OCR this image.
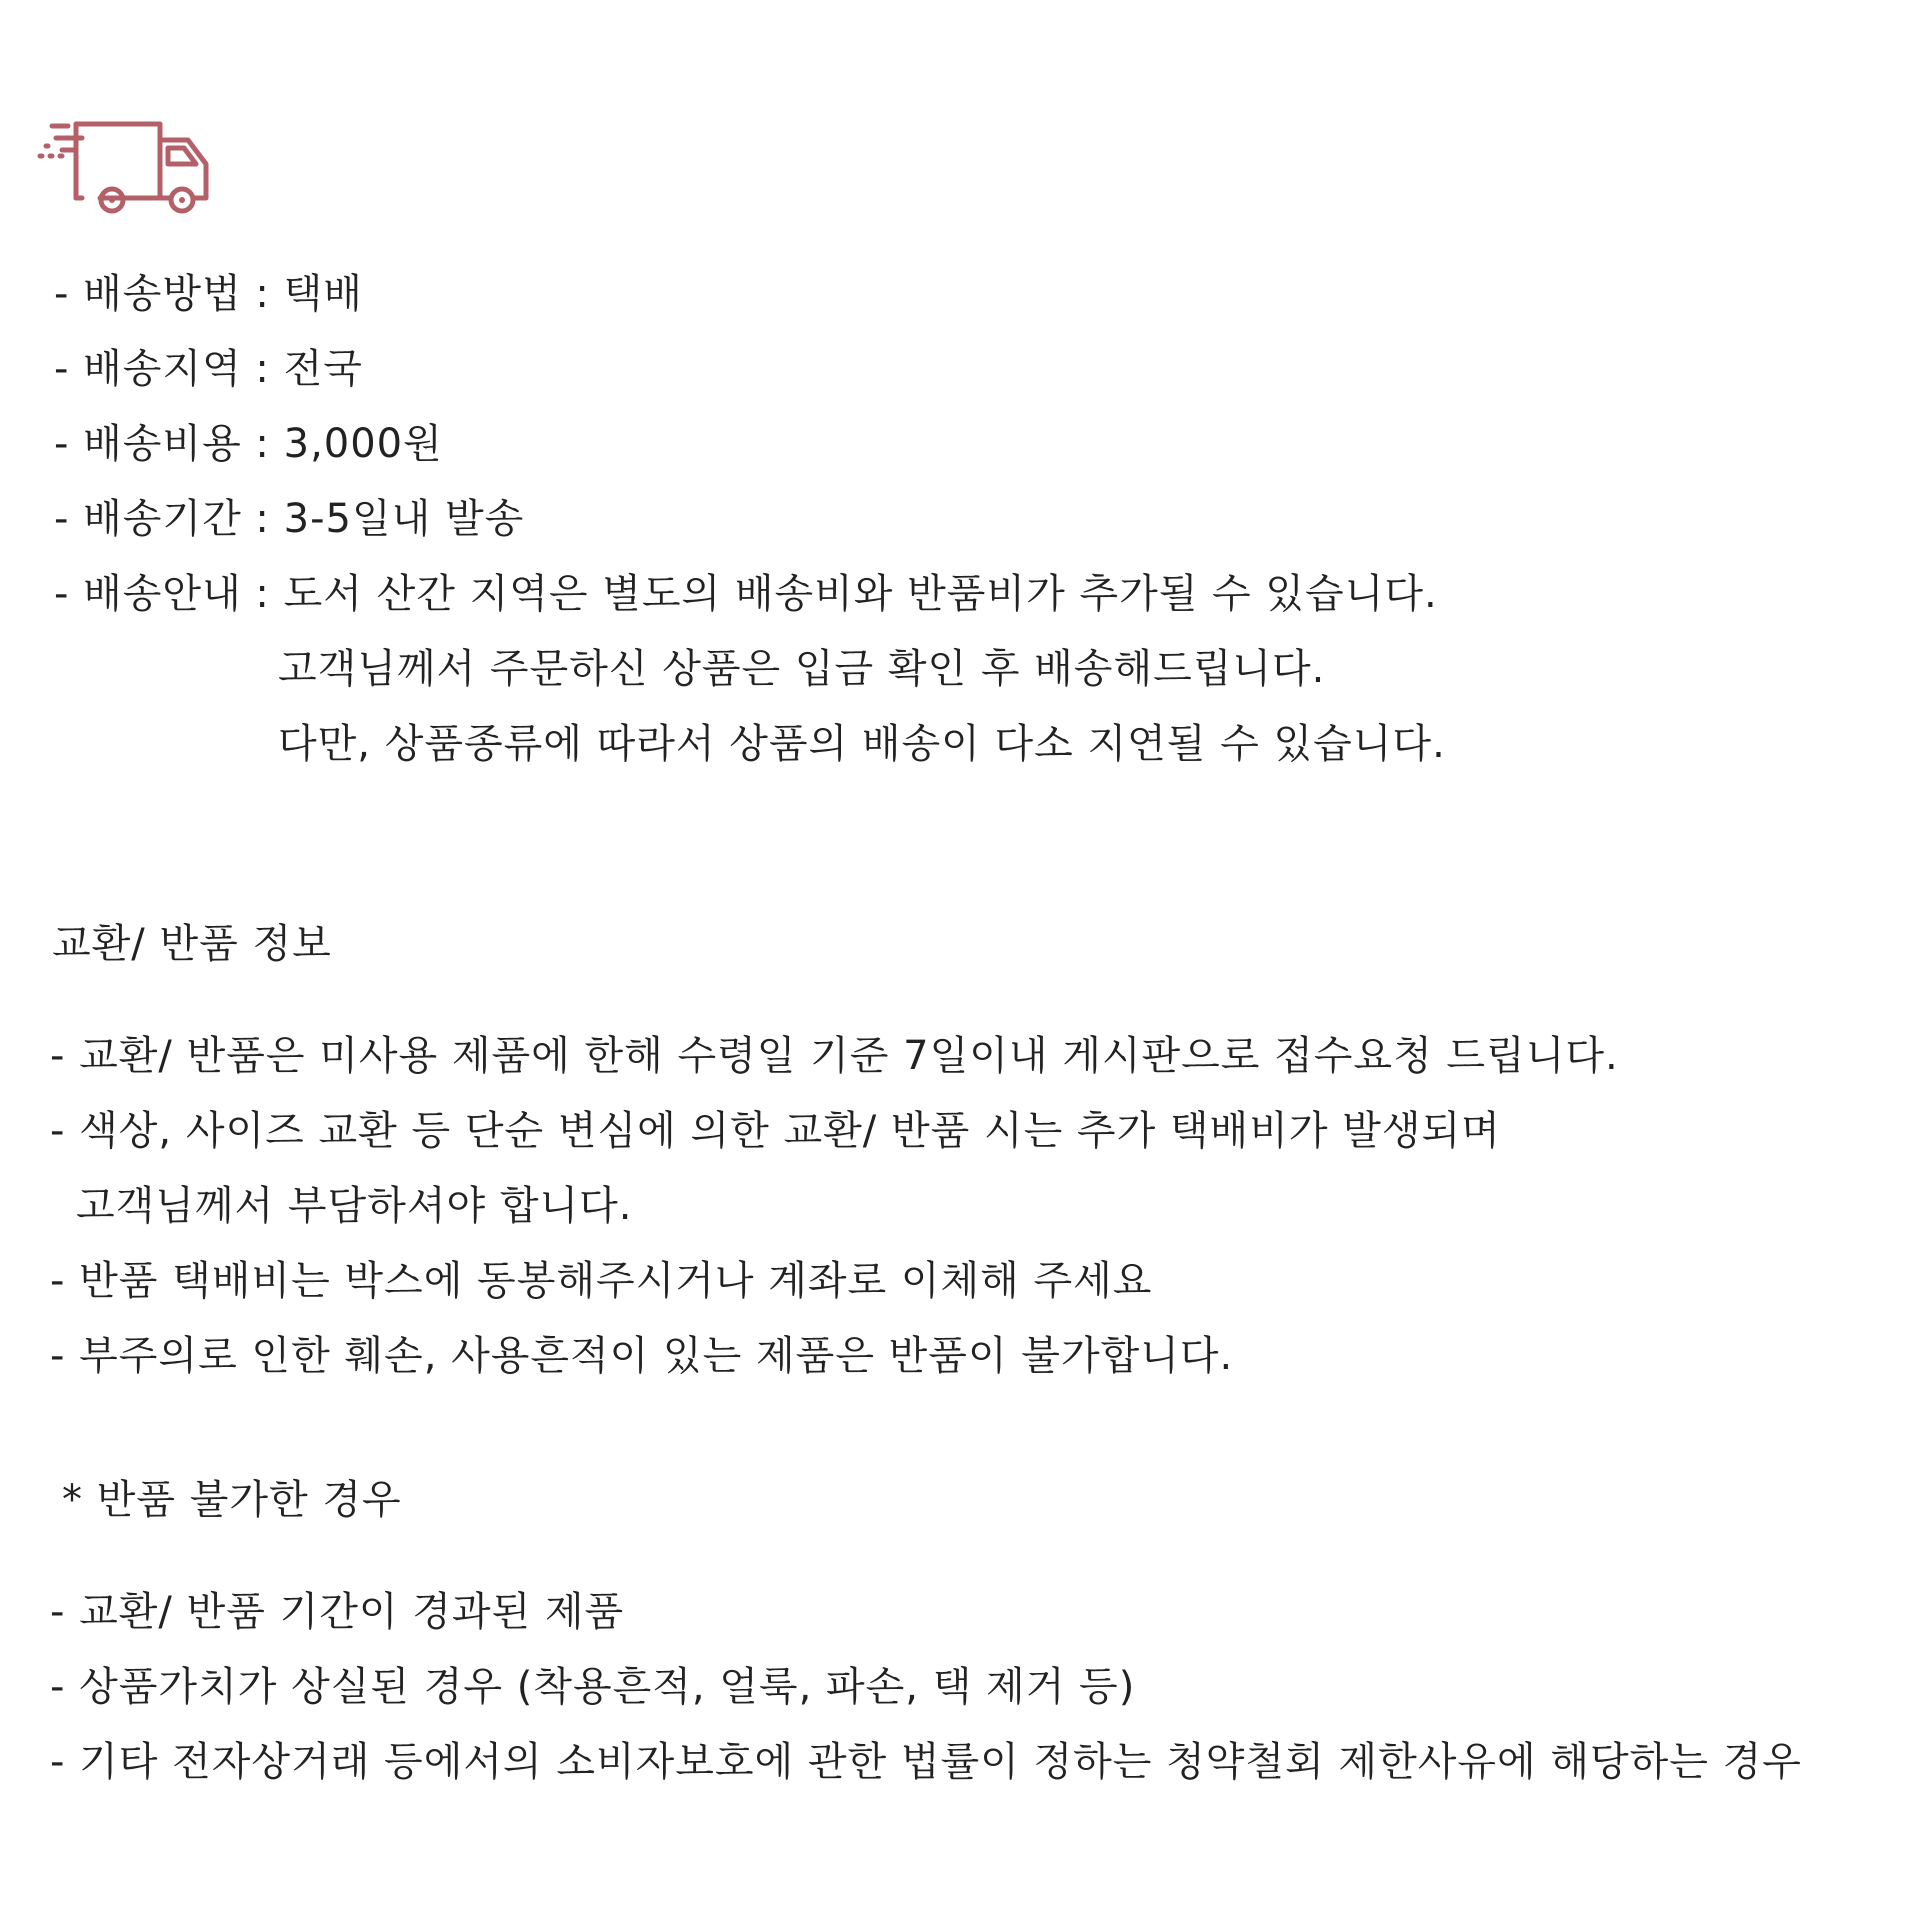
- 배송방법 : 택배
- 배송지역 : 전국
- 배송비용 : 3,000원
- 배송기간 : 3-5일내 발송
- 배송안내 : 도서 산간 지역은 별도의 배송비와 반품비가 추가될 수 있습니다.
고객님께서 주문하신 상품은 입금 확인 후 배송해드립니다.
다만, 상품종류에 따라서 상품의 배송이 다소 지연될 수 있습니다.
교환/ 반품 정보
- 교환/ 반품은 미사용 제품에 한해 수령일 기준 7일이내 게시판으로 접수요청 드립니다.
- 색상, 사이즈 교환 등 단순 변심에 의한 교환/ 반품 시는 추가 택배비가 발생되며
고객님께서 부담하셔야 합니다.
- 반품 택배비는 박스에 동봉해주시거나 계좌로 이체해 주세요
- 부주의로 인한 훼손, 사용흔적이 있는 제품은 반품이 불가합니다.
* 반품 불가한 경우
- 교환/ 반품 기간이 경과된 제품
- 상품가치가 상실된 경우 (착용흔적, 얼룩, 파손, 택 제거 등)
- 기타 전자상거래 등에서의 소비자보호에 관한 법률이 정하는 청약철회 제한사유에 해당하는 경우
